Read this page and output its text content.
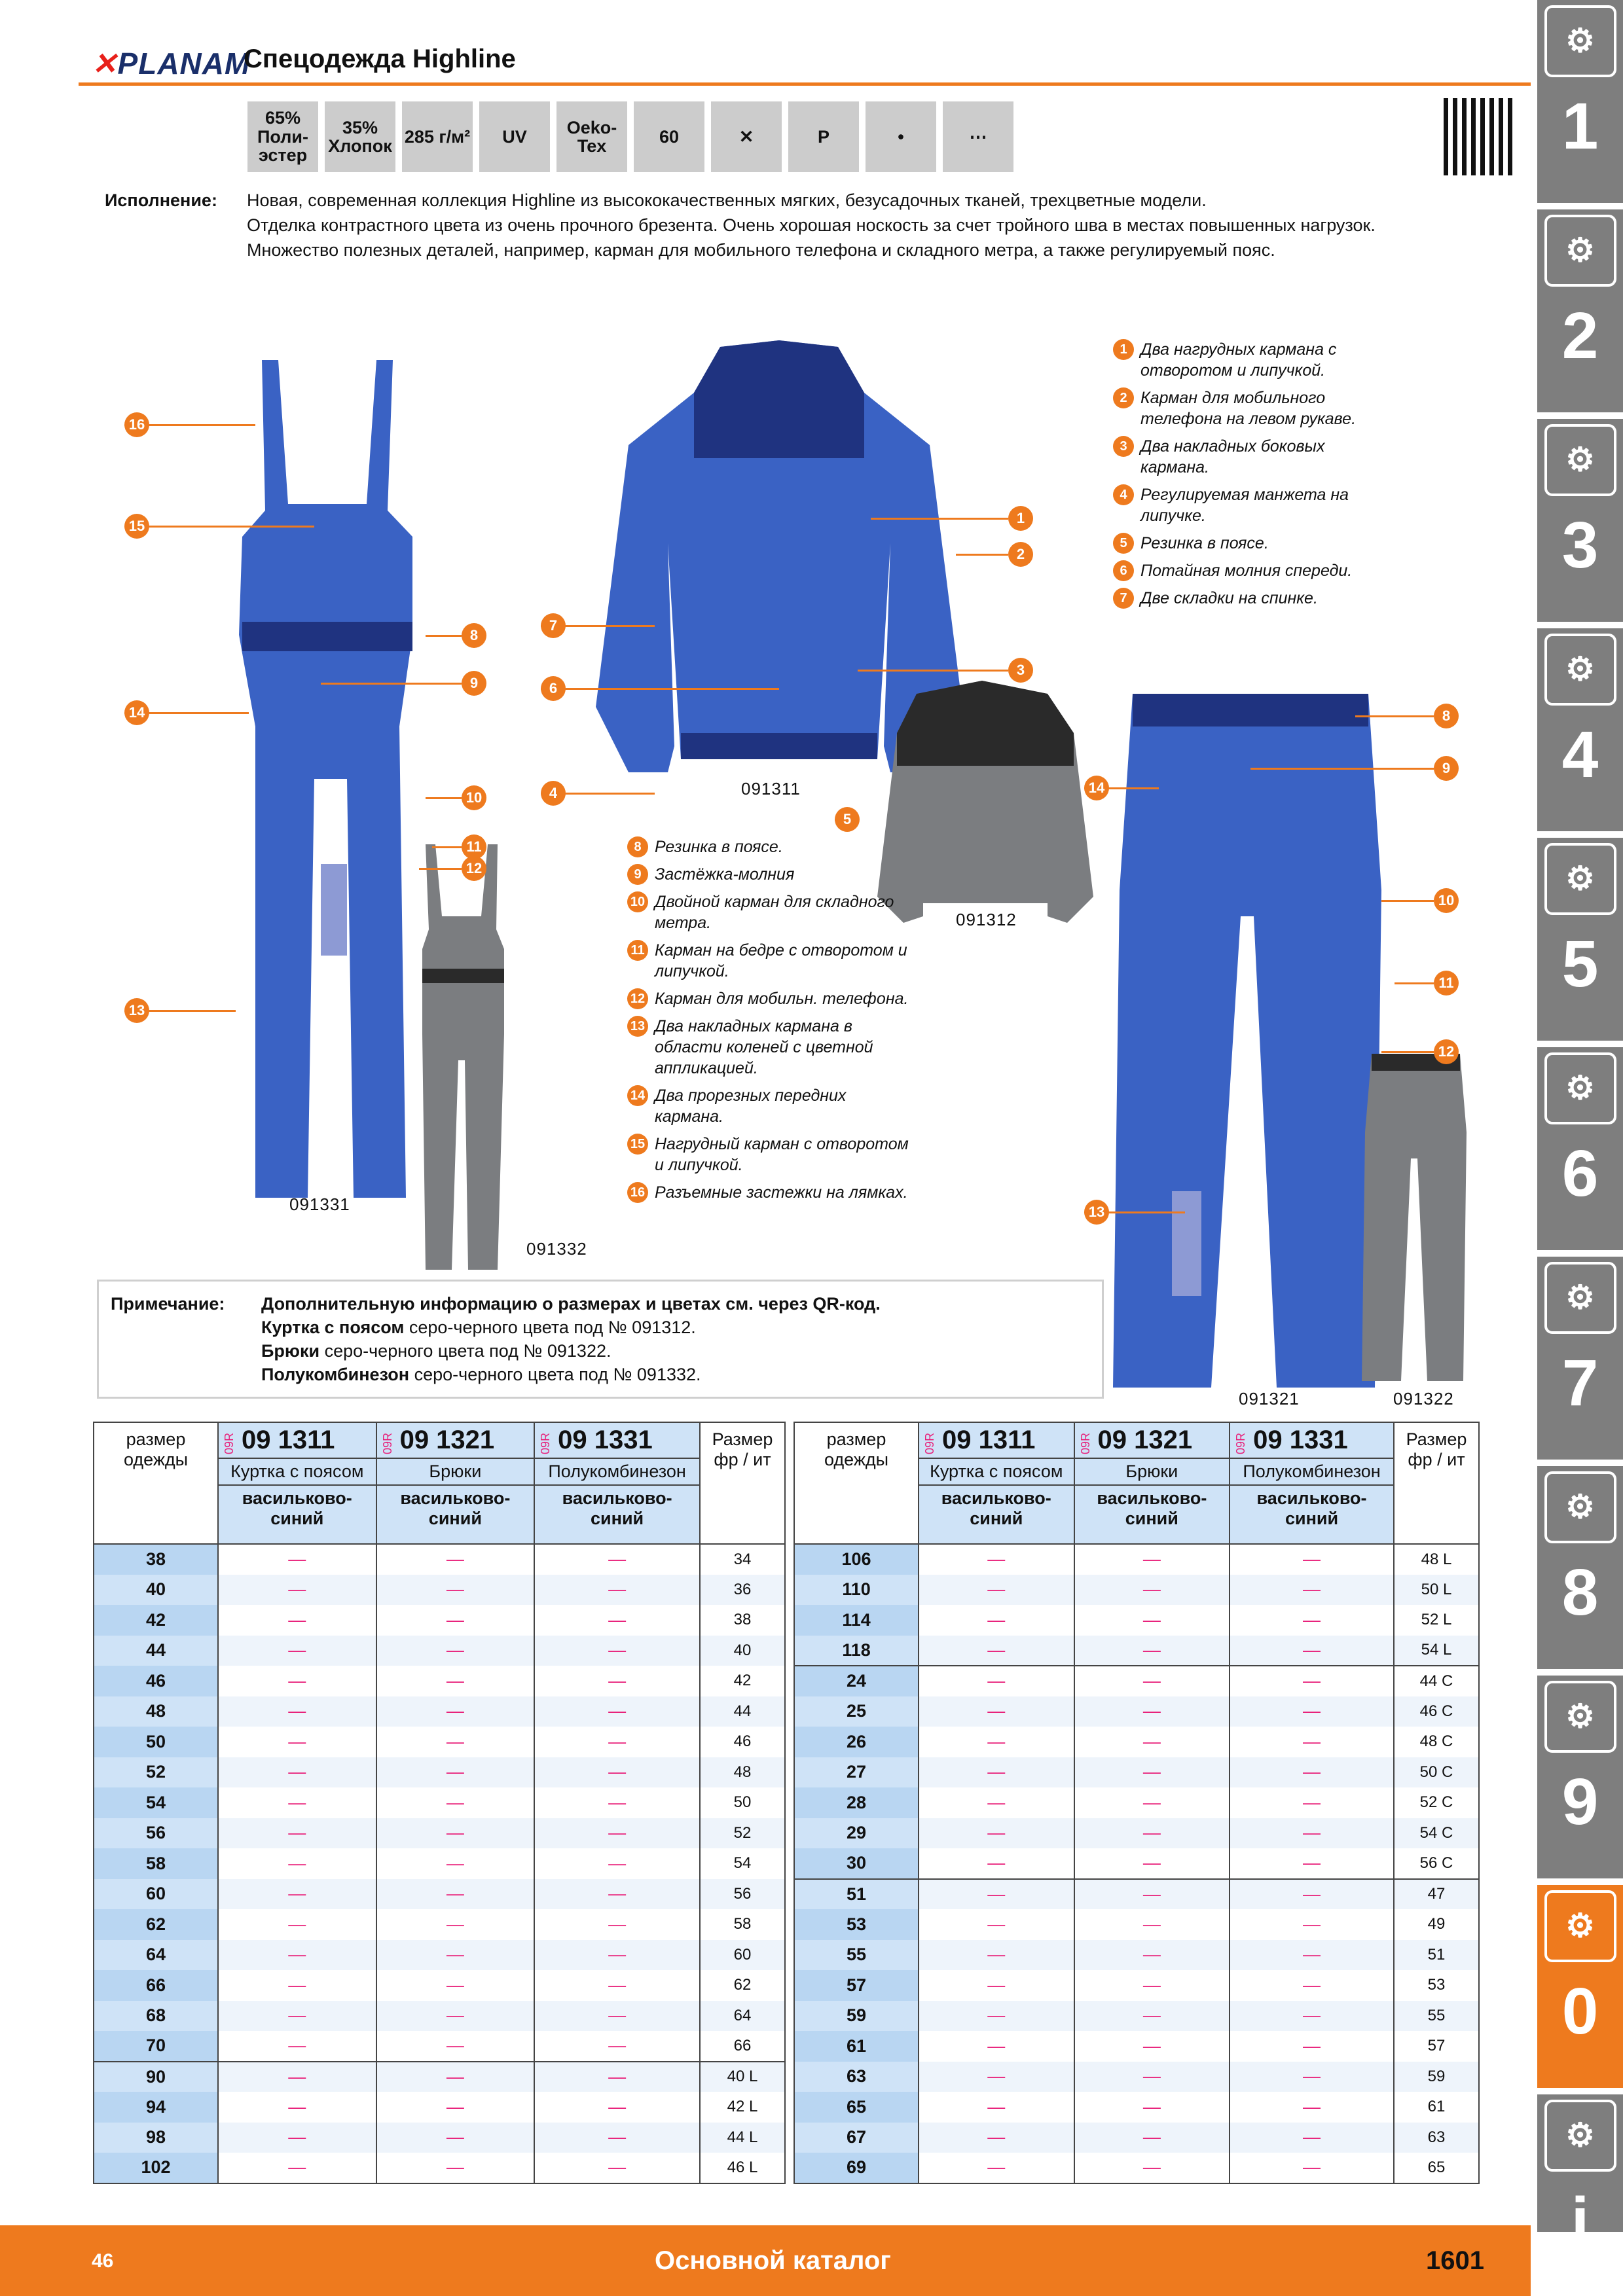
✕PLANAM
Спецодежда Highline
65% Поли-эстер
35% Хлопок 285 г/м²	UV	Oeko-Tex	60	✕	P	•	⋯
Исполнение: Новая, современная коллекция Highline из высококачественных мягких, безусадочных тканей, трехцветные модели.
Отделка контрастного цвета из очень прочного брезента. Очень хорошая носкость за счет тройного шва в местах повышенных нагрузок.
Множество полезных деталей, например, карман для мобильного телефона и складного метра, а также регулируемый пояс.
16
15
14
13
8
9
10
11
12
1
2
3
4
5
6
7
8
9
10
11
12
13
14
091311
091312
091331
091332
091321	091322
1 Два нагрудных кармана с отворотом и липучкой.
2 Карман для мобильного телефона на левом рукаве.
3 Два накладных боковых кармана.
4 Регулируемая манжета на липучке.
5 Резинка в поясе.
6 Потайная молния спереди.
7 Две складки на спинке.
8 Резинка в поясе.
9 Застёжка-молния
10 Двойной карман для складного метра.
11 Карман на бедре с отворотом и липучкой.
12 Карман для мобильн. телефона.
13 Два накладных кармана в области коленей с цветной аппликацией.
14 Два прорезных передних кармана.
15 Нагрудный карман с отворотом и липучкой.
16 Разъемные застежки на лямках.
Примечание: Дополнительную информацию о размерах и цветах см. через QR-код.
Куртка с поясом серо-черного цвета под № 091312.
Брюки серо-черного цвета под № 091322.
Полукомбинезон серо-черного цвета под № 091332.
размер одежды	09R 09 1311	09R 09 1321	09R 09 1331	Размер фр / ит
	Куртка с поясом	Брюки	Полукомбинезон	
	васильково-синий	васильково-синий	васильково-синий	
38	—	—	—	34
40	—	—	—	36
42	—	—	—	38
44	—	—	—	40
46	—	—	—	42
48	—	—	—	44
50	—	—	—	46
52	—	—	—	48
54	—	—	—	50
56	—	—	—	52
58	—	—	—	54
60	—	—	—	56
62	—	—	—	58
64	—	—	—	60
66	—	—	—	62
68	—	—	—	64
70	—	—	—	66
90	—	—	—	40 L
94	—	—	—	42 L
98	—	—	—	44 L
102	—	—	—	46 L
размер одежды	09R 09 1311	09R 09 1321	09R 09 1331	Размер фр / ит
	Куртка с поясом	Брюки	Полукомбинезон	
	васильково-синий	васильково-синий	васильково-синий	
106	—	—	—	48 L
110	—	—	—	50 L
114	—	—	—	52 L
118	—	—	—	54 L
24	—	—	—	44 C
25	—	—	—	46 C
26	—	—	—	48 C
27	—	—	—	50 C
28	—	—	—	52 C
29	—	—	—	54 C
30	—	—	—	56 C
51	—	—	—	47
53	—	—	—	49
55	—	—	—	51
57	—	—	—	53
59	—	—	—	55
61	—	—	—	57
63	—	—	—	59
65	—	—	—	61
67	—	—	—	63
69	—	—	—	65
⚙
1
⚙
2
⚙
3
⚙
4
⚙
5
⚙
6
⚙
7
⚙
8
⚙
9
⚙
0
⚙
i
46	Основной каталог	1601
